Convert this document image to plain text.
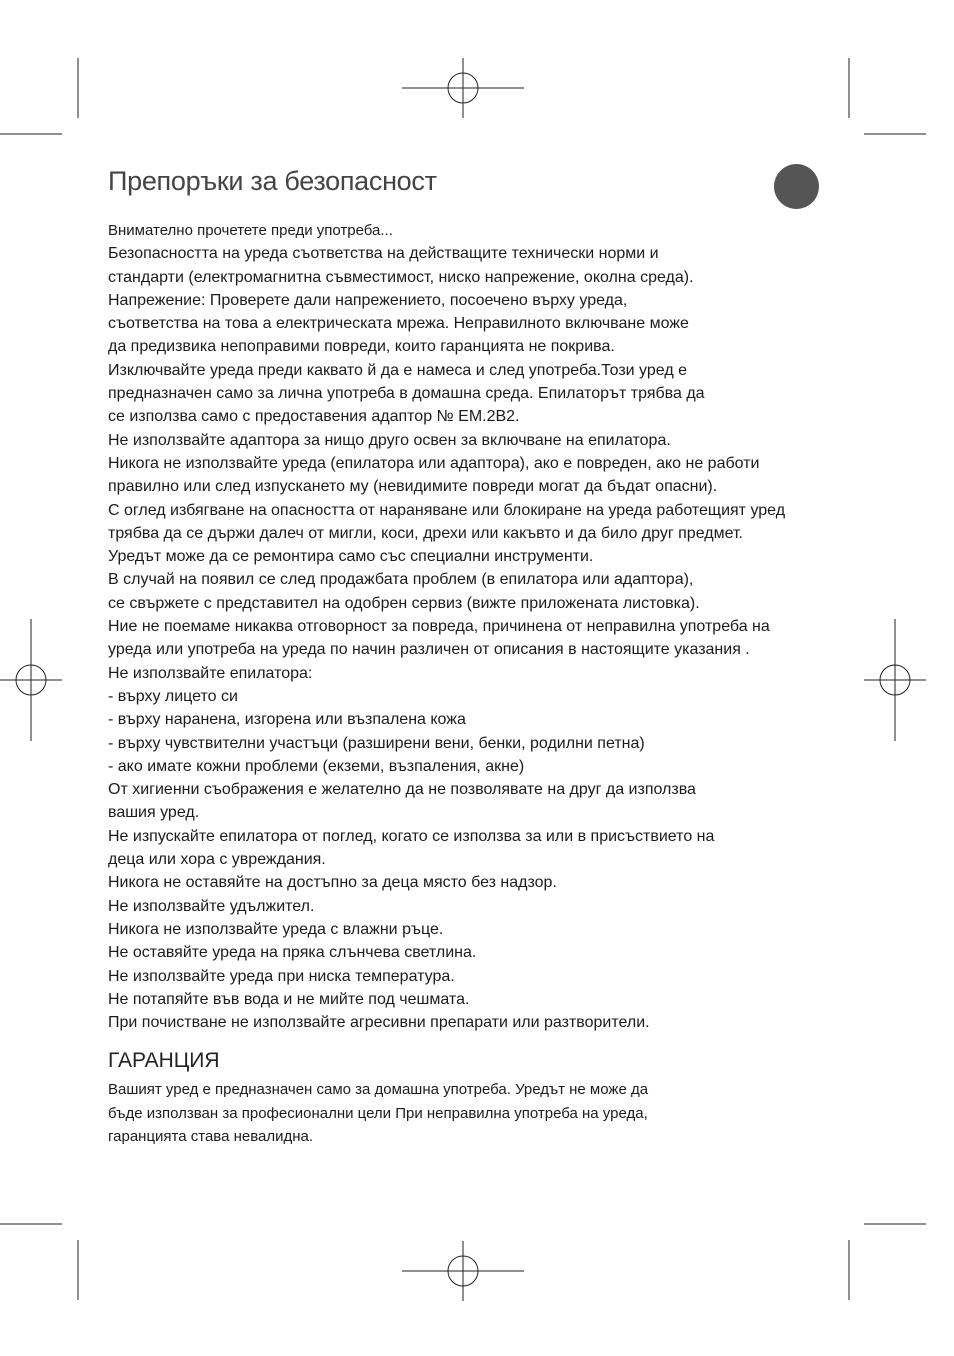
Препоръки за безопасност
Внимателно прочетете преди употреба...
Безопасността на уреда съответства на действащите технически норми и
стандарти (електромагнитна съвместимост, ниско напрежение, околна среда).
Напрежение: Проверете дали напрежението, посоечено върху уреда,
съответства на това а електрическата мрежа. Неправилното включване може
да предизвика непоправими повреди, които гаранцията не покрива.
Изключвайте уреда преди каквато й да е намеса и след употреба.Този уред е
предназначен само за лична употреба в домашна среда. Епилаторът трябва да
се използва само с предоставения адаптор № EM.2B2.
Не използвайте адаптора за нищо друго освен за включване на епилатора.
Никога не използвайте уреда (епилатора или адаптора), ако е повреден, ако не работи
правилно или след изпускането му (невидимите повреди могат да бъдат опасни).
С оглед избягване на опасността от нараняване или блокиране на уреда работещият уред
трябва да се държи далеч от мигли, коси, дрехи или какъвто и да било друг предмет.
Уредът може да се ремонтира само със специални инструменти.
В случай на появил се след продажбата проблем (в епилатора или адаптора),
се свържете с представител на одобрен сервиз (вижте приложената листовка).
Ние не поемаме никаква отговорност за повреда, причинена от неправилна употреба на
уреда или употреба на уреда по начин различен от описания в настоящите указания .
Не използвайте епилатора:
- върху лицето си
- върху наранена, изгорена или възпалена кожа
- върху чувствителни участъци (разширени вени, бенки, родилни петна)
- ако имате кожни проблеми (екземи, възпаления, акне)
От хигиенни съображения е желателно да не позволявате на друг да използва
вашия уред.
Не изпускайте епилатора от поглед, когато се използва за или в присъствието на
деца или хора с увреждания.
Никога не оставяйте на достъпно за деца място без надзор.
Не използвайте удължител.
Никога не използвайте уреда с влажни ръце.
Не оставяйте уреда на пряка слънчева светлина.
Не използвайте уреда при ниска температура.
Не потапяйте във вода и не мийте под чешмата.
При почистване не използвайте агресивни препарати или разтворители.
ГАРАНЦИЯ
Вашият уред е предназначен само за домашна употреба. Уредът не може да
бъде използван за професионални цели При неправилна употреба на уреда,
гаранцията става невалидна.
